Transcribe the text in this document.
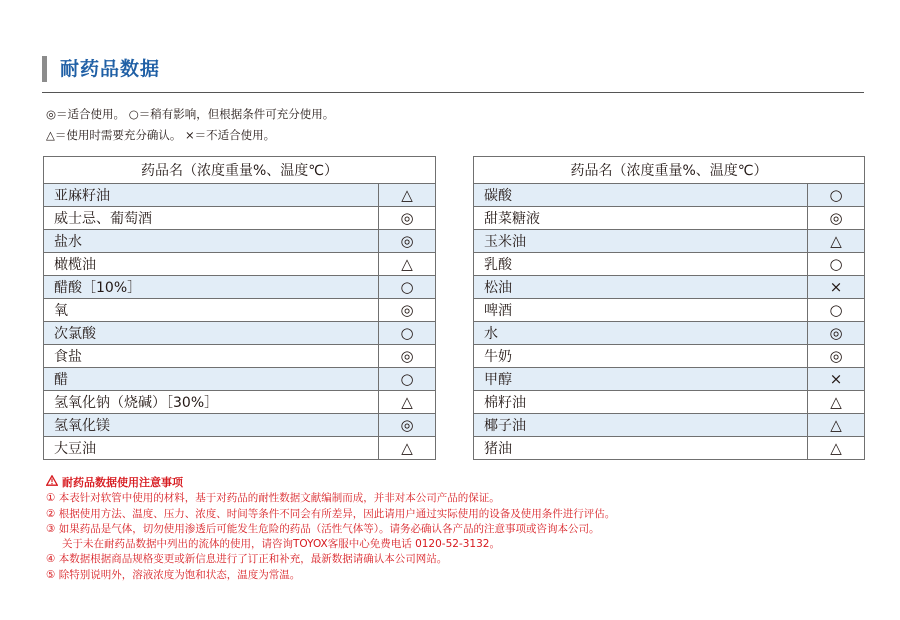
耐药品数据
◎＝适合使用。 ○＝稍有影响，但根据条件可充分使用。
△＝使用时需要充分确认。 ×＝不适合使用。
药品名（浓度重量%、温度℃）	
亚麻籽油	△
威士忌、葡萄酒	◎
盐水	◎
橄榄油	△
醋酸［10%］	○
氧	◎
次氯酸	○
食盐	◎
醋	○
氢氧化钠（烧碱）［30%］	△
氢氧化镁	◎
大豆油	△
药品名（浓度重量%、温度℃）	
碳酸	○
甜菜糖液	◎
玉米油	△
乳酸	○
松油	×
啤酒	○
水	◎
牛奶	◎
甲醇	×
棉籽油	△
椰子油	△
猪油	△
耐药品数据使用注意事项
① 本表针对软管中使用的材料，基于对药品的耐性数据文献编制而成，并非对本公司产品的保证。
② 根据使用方法、温度、压力、浓度、时间等条件不同会有所差异，因此请用户通过实际使用的设备及使用条件进行评估。
③ 如果药品是气体，切勿使用渗透后可能发生危险的药品（活性气体等）。请务必确认各产品的注意事项或咨询本公司。
关于未在耐药品数据中列出的流体的使用，请咨询TOYOX客服中心免费电话 0120-52-3132。
④ 本数据根据商品规格变更或新信息进行了订正和补充，最新数据请确认本公司网站。
⑤ 除特别说明外，溶液浓度为饱和状态，温度为常温。
